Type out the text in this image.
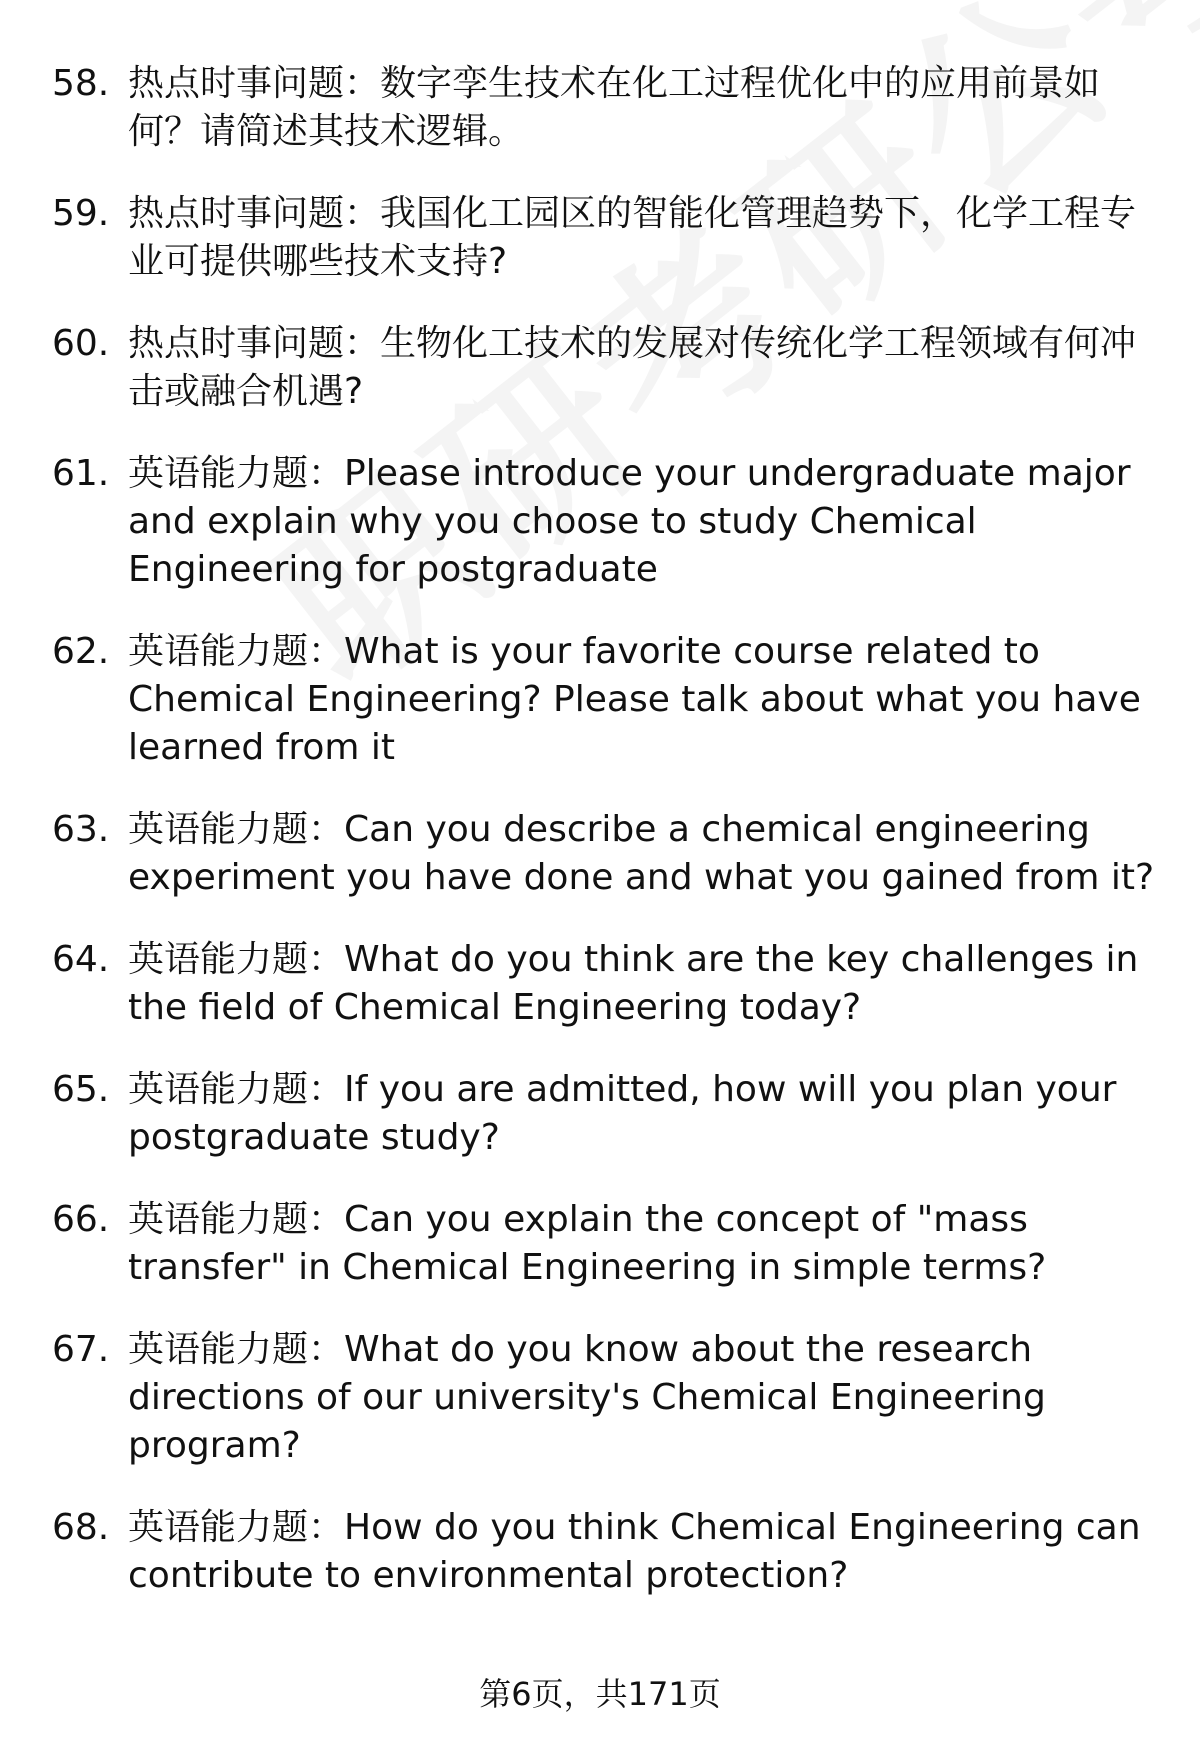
58. 热点时事问题：数字孪生技术在化工过程优化中的应用前景如何？请简述其技术逻辑。
59. 热点时事问题：我国化工园区的智能化管理趋势下，化学工程专业可提供哪些技术支持?
60. 热点时事问题：生物化工技术的发展对传统化学工程领域有何冲击或融合机遇?
61. 英语能力题：Please introduce your undergraduate major and explain why you choose to study Chemical Engineering for postgraduate
62. 英语能力题：What is your favorite course related to Chemical Engineering? Please talk about what you have learned from it
63. 英语能力题：Can you describe a chemical engineering experiment you have done and what you gained from it?
64. 英语能力题：What do you think are the key challenges in the field of Chemical Engineering today?
65. 英语能力题：If you are admitted, how will you plan your postgraduate study?
66. 英语能力题：Can you explain the concept of "mass transfer" in Chemical Engineering in simple terms?
67. 英语能力题：What do you know about the research directions of our university's Chemical Engineering program?
68. 英语能力题：How do you think Chemical Engineering can contribute to environmental protection?
第6页，共171页
